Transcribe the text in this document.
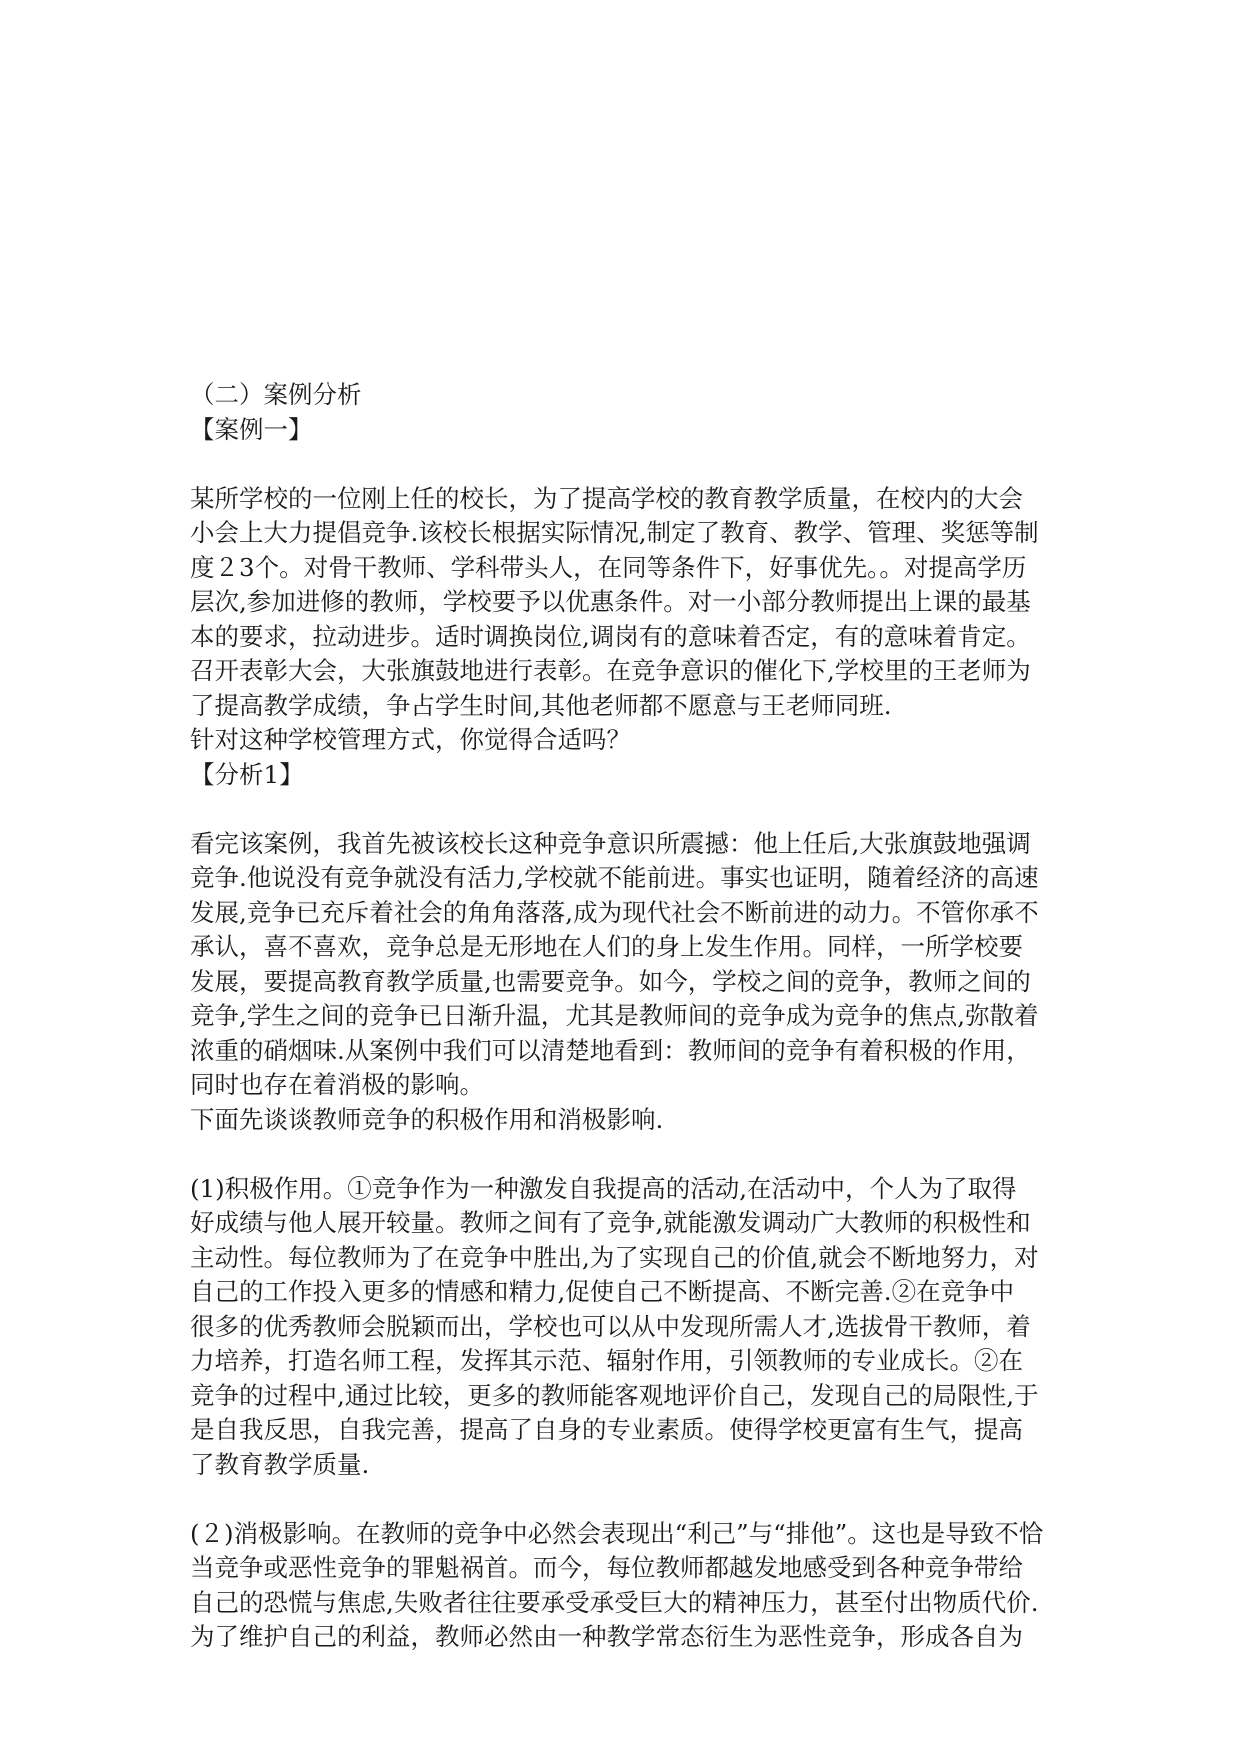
（二）案例分析
【案例一】
某所学校的一位刚上任的校长，为了提高学校的教育教学质量，在校内的大会
小会上大力提倡竞争.该校长根据实际情况,制定了教育、教学、管理、奖惩等制
度２3个。对骨干教师、学科带头人，在同等条件下，好事优先。。对提高学历
层次,参加进修的教师，学校要予以优惠条件。对一小部分教师提出上课的最基
本的要求，拉动进步。适时调换岗位,调岗有的意味着否定，有的意味着肯定。
召开表彰大会，大张旗鼓地进行表彰。在竞争意识的催化下,学校里的王老师为
了提高教学成绩，争占学生时间,其他老师都不愿意与王老师同班.
针对这种学校管理方式，你觉得合适吗？
【分析1】
看完该案例，我首先被该校长这种竞争意识所震撼：他上任后,大张旗鼓地强调
竞争.他说没有竞争就没有活力,学校就不能前进。事实也证明，随着经济的高速
发展,竞争已充斥着社会的角角落落,成为现代社会不断前进的动力。不管你承不
承认，喜不喜欢，竞争总是无形地在人们的身上发生作用。同样，一所学校要
发展，要提高教育教学质量,也需要竞争。如今，学校之间的竞争，教师之间的
竞争,学生之间的竞争已日渐升温，尤其是教师间的竞争成为竞争的焦点,弥散着
浓重的硝烟味.从案例中我们可以清楚地看到：教师间的竞争有着积极的作用，
同时也存在着消极的影响。
下面先谈谈教师竞争的积极作用和消极影响.
(1)积极作用。①竞争作为一种激发自我提高的活动,在活动中，个人为了取得
好成绩与他人展开较量。教师之间有了竞争,就能激发调动广大教师的积极性和
主动性。每位教师为了在竞争中胜出,为了实现自己的价值,就会不断地努力，对
自己的工作投入更多的情感和精力,促使自己不断提高、不断完善.②在竞争中
很多的优秀教师会脱颖而出，学校也可以从中发现所需人才,选拔骨干教师，着
力培养，打造名师工程，发挥其示范、辐射作用，引领教师的专业成长。②在
竞争的过程中,通过比较，更多的教师能客观地评价自己，发现自己的局限性,于
是自我反思，自我完善，提高了自身的专业素质。使得学校更富有生气，提高
了教育教学质量.
(２)消极影响。在教师的竞争中必然会表现出“利己”与“排他”。这也是导致不恰
当竞争或恶性竞争的罪魁祸首。而今，每位教师都越发地感受到各种竞争带给
自己的恐慌与焦虑,失败者往往要承受承受巨大的精神压力，甚至付出物质代价.
为了维护自己的利益，教师必然由一种教学常态衍生为恶性竞争，形成各自为
